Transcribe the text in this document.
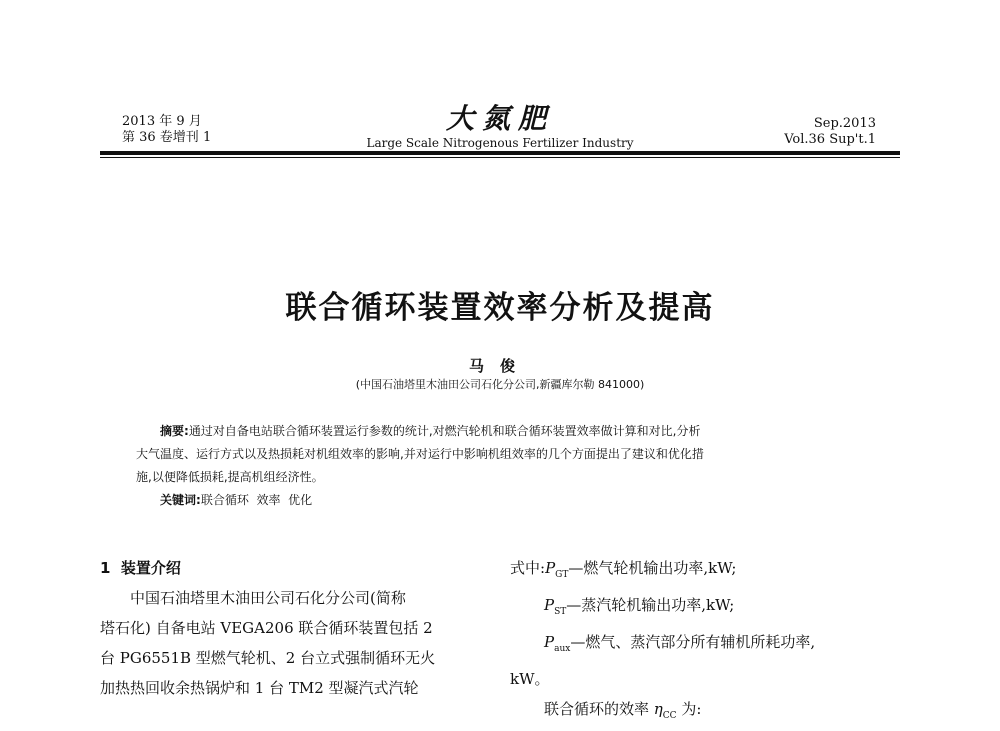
2013 年 9 月
第 36 卷增刊 1
大氮肥
Large Scale Nitrogenous Fertilizer Industry
Sep.2013
Vol.36 Sup't.1
联合循环装置效率分析及提高
马俊
(中国石油塔里木油田公司石化分公司,新疆库尔勒 841000)
摘要:通过对自备电站联合循环装置运行参数的统计,对燃汽轮机和联合循环装置效率做计算和对比,分析
大气温度、运行方式以及热损耗对机组效率的影响,并对运行中影响机组效率的几个方面提出了建议和优化措
施,以便降低损耗,提高机组经济性。
关键词:联合循环  效率  优化
1  装置介绍
中国石油塔里木油田公司石化分公司(简称
塔石化) 自备电站 VEGA206 联合循环装置包括 2
台 PG6551B 型燃气轮机、2 台立式强制循环无火
加热热回收余热锅炉和 1 台 TM2 型凝汽式汽轮
式中$:P_{GT}—$燃气轮机输出功率,kW;
$P_{ST}—$蒸汽轮机输出功率,kW;
$P_{aux}—$燃气、蒸汽部分所有辅机所耗功率,
kW。
联合循环的效率 $\eta_{CC}$ 为:
